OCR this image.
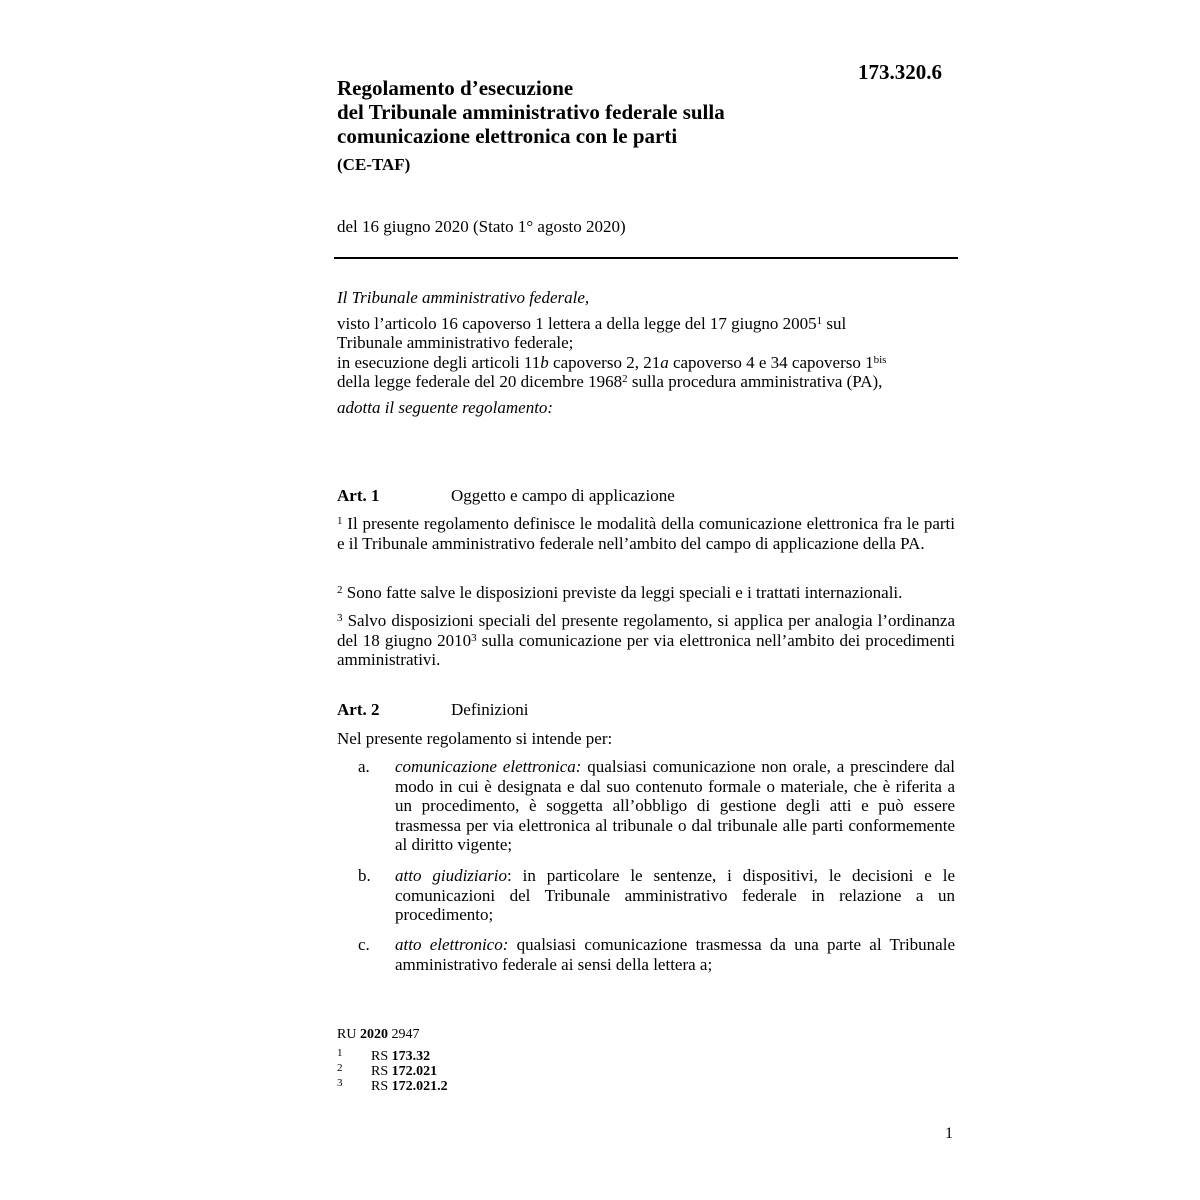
173.320.6
Regolamento d’esecuzione
del Tribunale amministrativo federale sulla
comunicazione elettronica con le parti
(CE-TAF)
del 16 giugno 2020 (Stato 1° agosto 2020)

Il Tribunale amministrativo federale,

visto l’articolo 16 capoverso 1 lettera a della legge del 17 giugno 2005$^1$ sul

Tribunale amministrativo federale;

in esecuzione degli articoli 11b capoverso 2, 21a capoverso 4 e 34 capoverso $1^{bis}$

della legge federale del 20 dicembre 1968$^2$ sulla procedura amministrativa (PA),

adotta il seguente regolamento:

Art. 1	Oggetto e campo di applicazione

$^1$ Il presente regolamento definisce le modalità della comunicazione elettronica fra le parti e il Tribunale amministrativo federale nell’ambito del campo di applicazione della PA.

$^2$ Sono fatte salve le disposizioni previste da leggi speciali e i trattati internazionali.

$^3$ Salvo disposizioni speciali del presente regolamento, si applica per analogia l’ordinanza del 18 giugno 2010$^3$ sulla comunicazione per via elettronica nell’ambito dei procedimenti amministrativi.

Art. 2	Definizioni

Nel presente regolamento si intende per:

a. comunicazione elettronica: qualsiasi comunicazione non orale, a prescindere dal modo in cui è designata e dal suo contenuto formale o materiale, che è riferita a un procedimento, è soggetta all’obbligo di gestione degli atti e può essere trasmessa per via elettronica al tribunale o dal tribunale alle parti conformemente al diritto vigente;
b. atto giudiziario: in particolare le sentenze, i dispositivi, le decisioni e le comunicazioni del Tribunale amministrativo federale in relazione a un procedimento;
c. atto elettronico: qualsiasi comunicazione trasmessa da una parte al Tribunale amministrativo federale ai sensi della lettera a;
RU 2020 2947
1 RS 173.32
2 RS 172.021
3 RS 172.021.2
1
